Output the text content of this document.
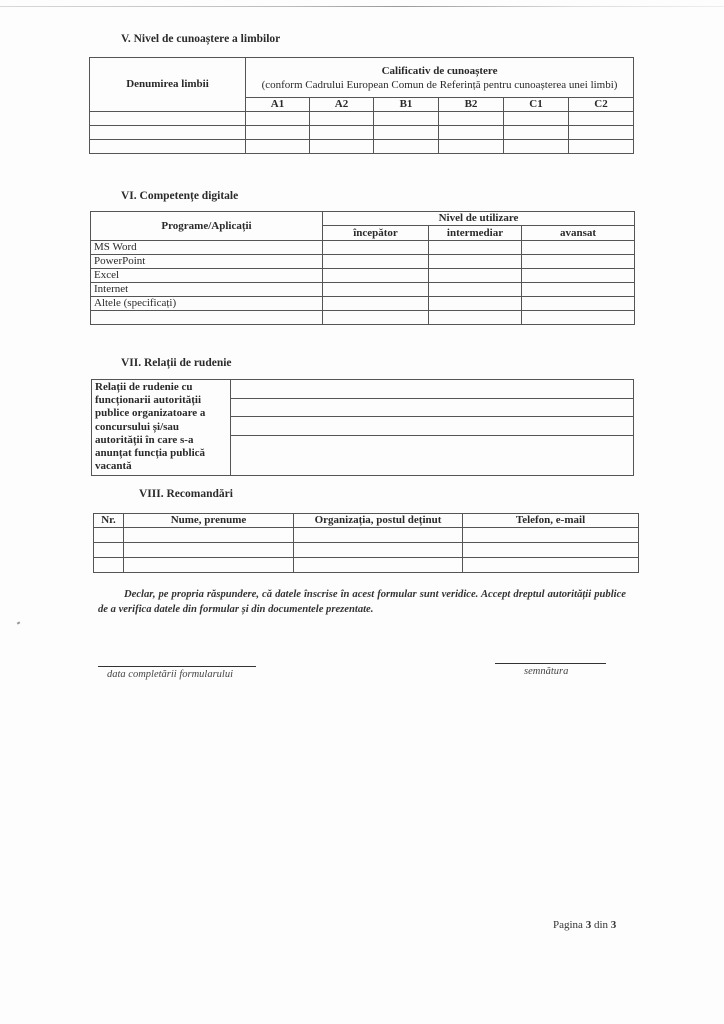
V. Nivel de cunoaștere a limbilor
Denumirea limbii	Calificativ de cunoaștere
(conform Cadrului European Comun de Referință pentru cunoașterea unei limbi)					
	A1	A2	B1	B2	C1	C2

VI. Competențe digitale
Programe/Aplicații	Nivel de utilizare		
	începător	intermediar	avansat
MS Word			
PowerPoint			
Excel			
Internet			
Altele (specificați)			

VII. Relații de rudenie
Relații de rudenie cu funcționarii autorității publice organizatoare a concursului și/sau autorității în care s-a anunțat funcția publică vacantă	

VIII. Recomandări
Nr.	Nume, prenume	Organizația, postul deținut	Telefon, e-mail

Declar, pe propria răspundere, că datele înscrise în acest formular sunt veridice. Accept dreptul autorității publice de a verifica datele din formular și din documentele prezentate.
data completării formularului	semnătura
Pagina 3 din 3
